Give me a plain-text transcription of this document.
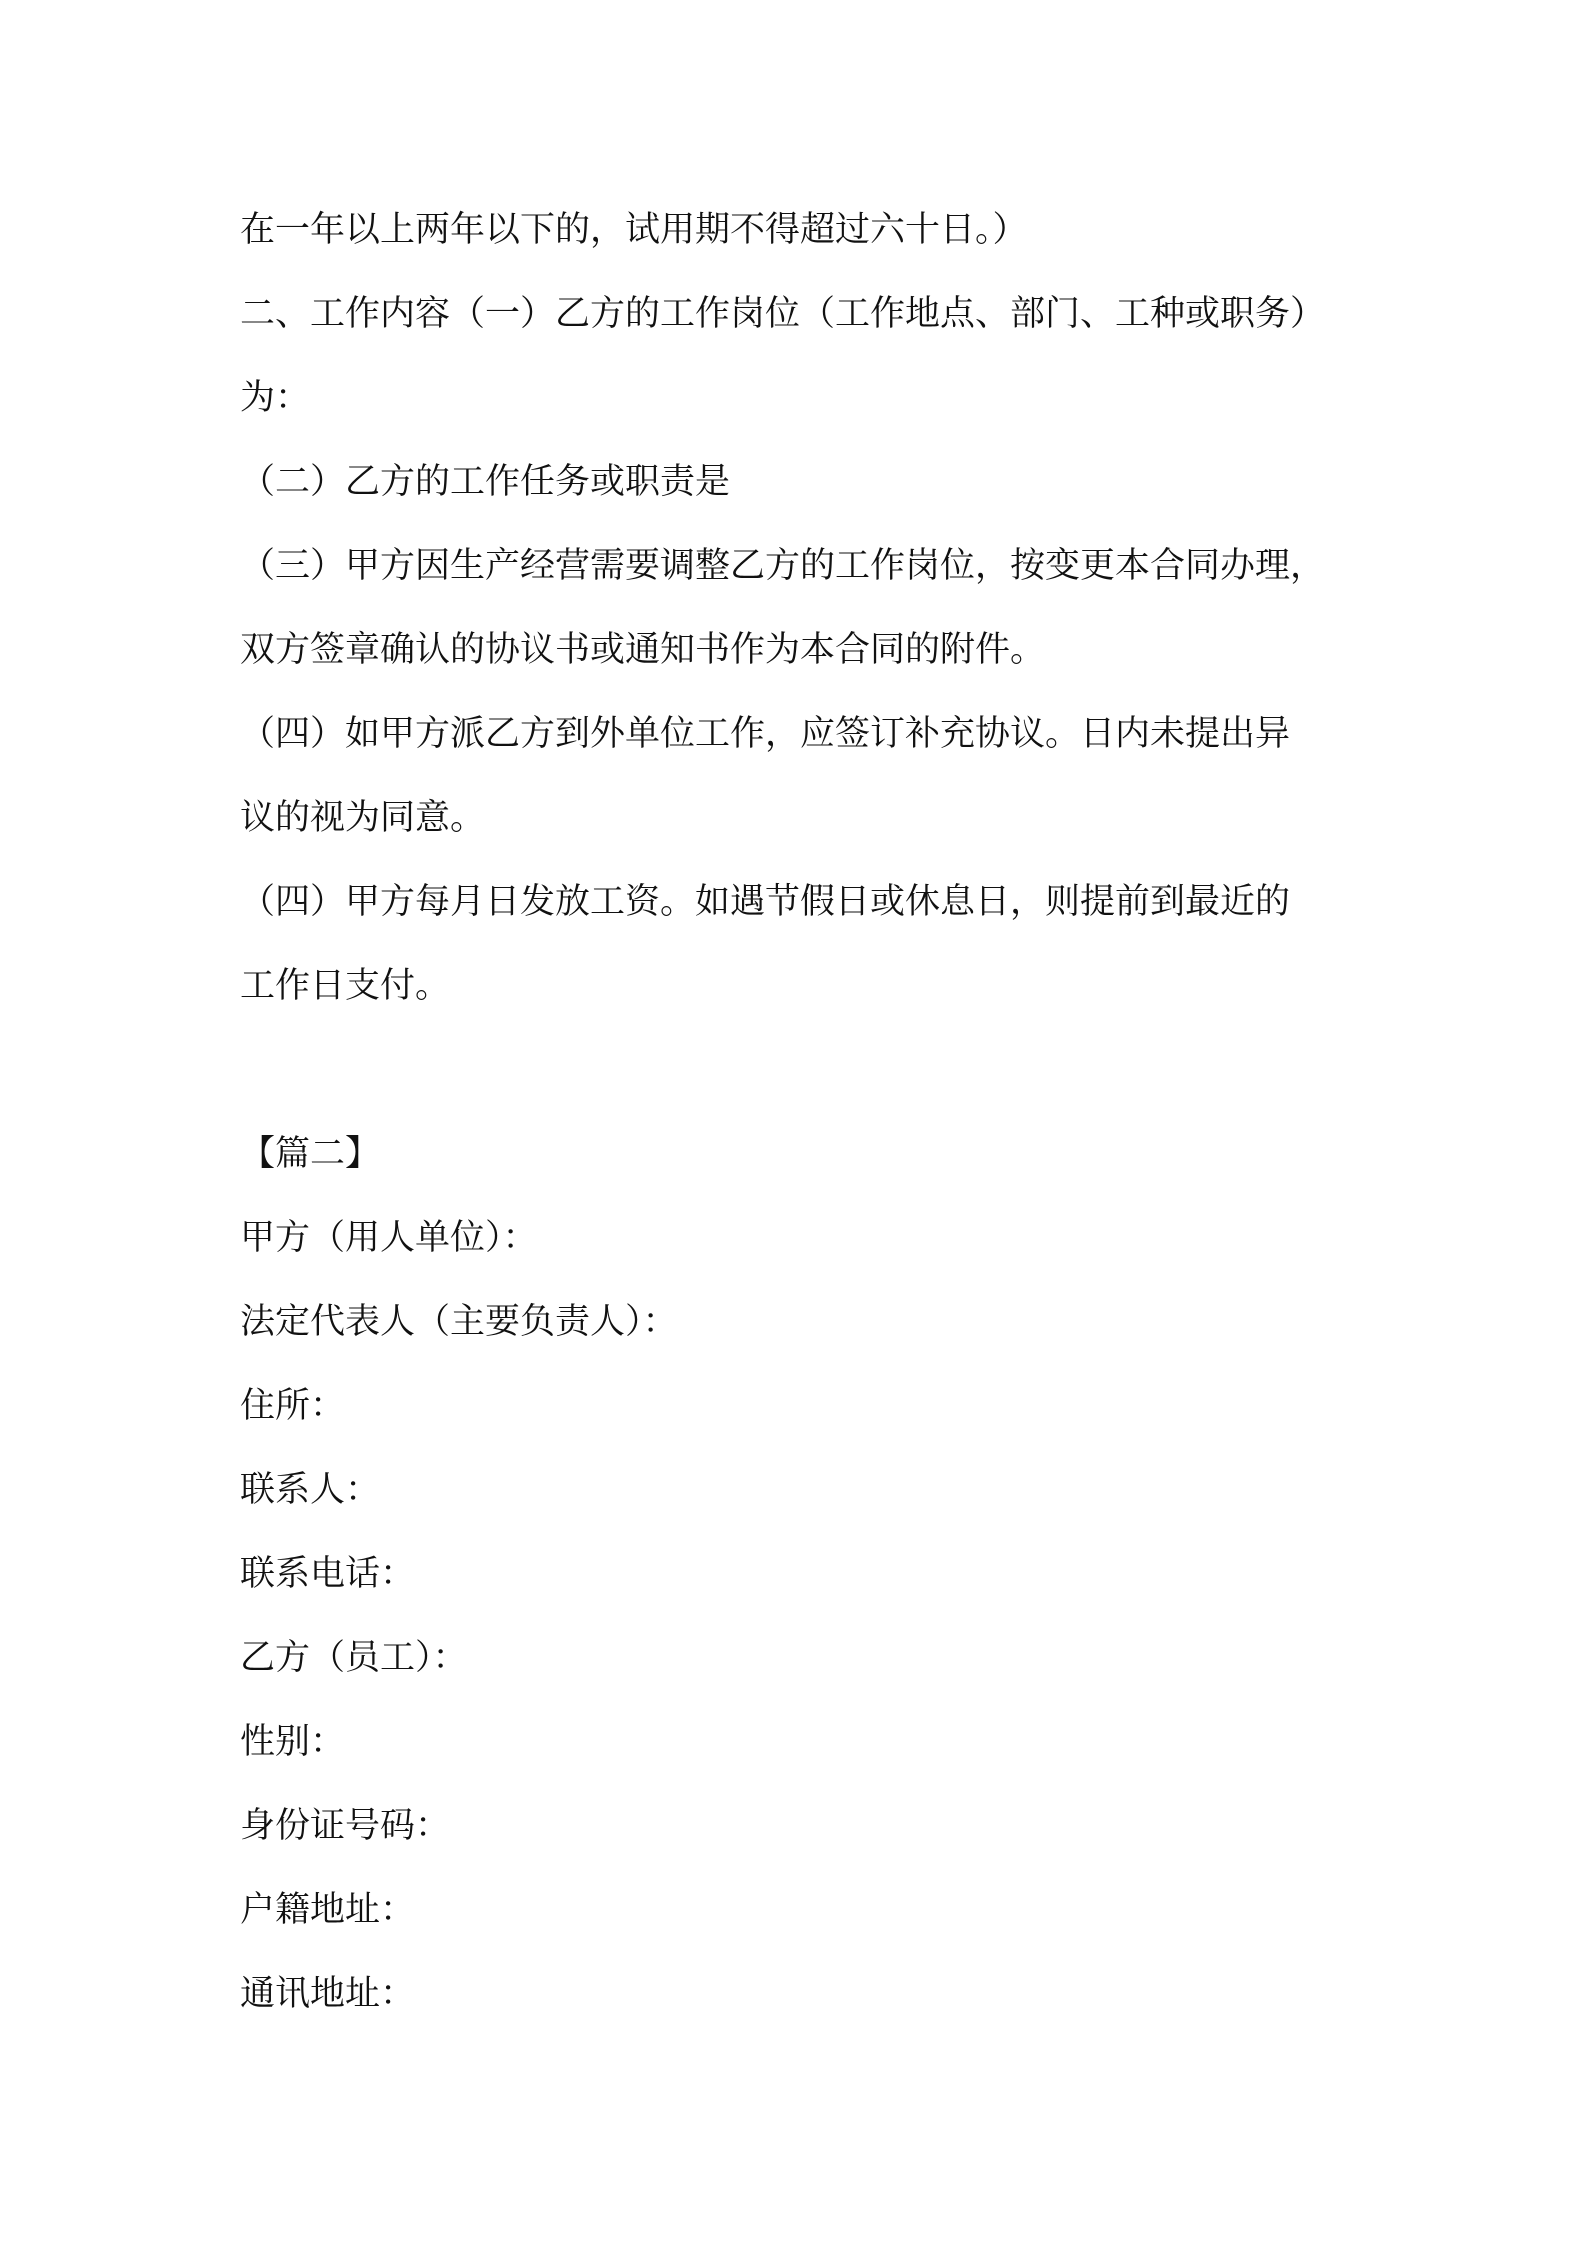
在一年以上两年以下的，试用期不得超过六十日。）

二、工作内容（一）乙方的工作岗位（工作地点、部门、工种或职务）

为：

（二）乙方的工作任务或职责是

（三）甲方因生产经营需要调整乙方的工作岗位，按变更本合同办理，

双方签章确认的协议书或通知书作为本合同的附件。

（四）如甲方派乙方到外单位工作，应签订补充协议。日内未提出异

议的视为同意。

（四）甲方每月日发放工资。如遇节假日或休息日，则提前到最近的

工作日支付。

【篇二】

甲方（用人单位）：

法定代表人（主要负责人）：

住所：

联系人：

联系电话：

乙方（员工）：

性别：

身份证号码：

户籍地址：

通讯地址：
